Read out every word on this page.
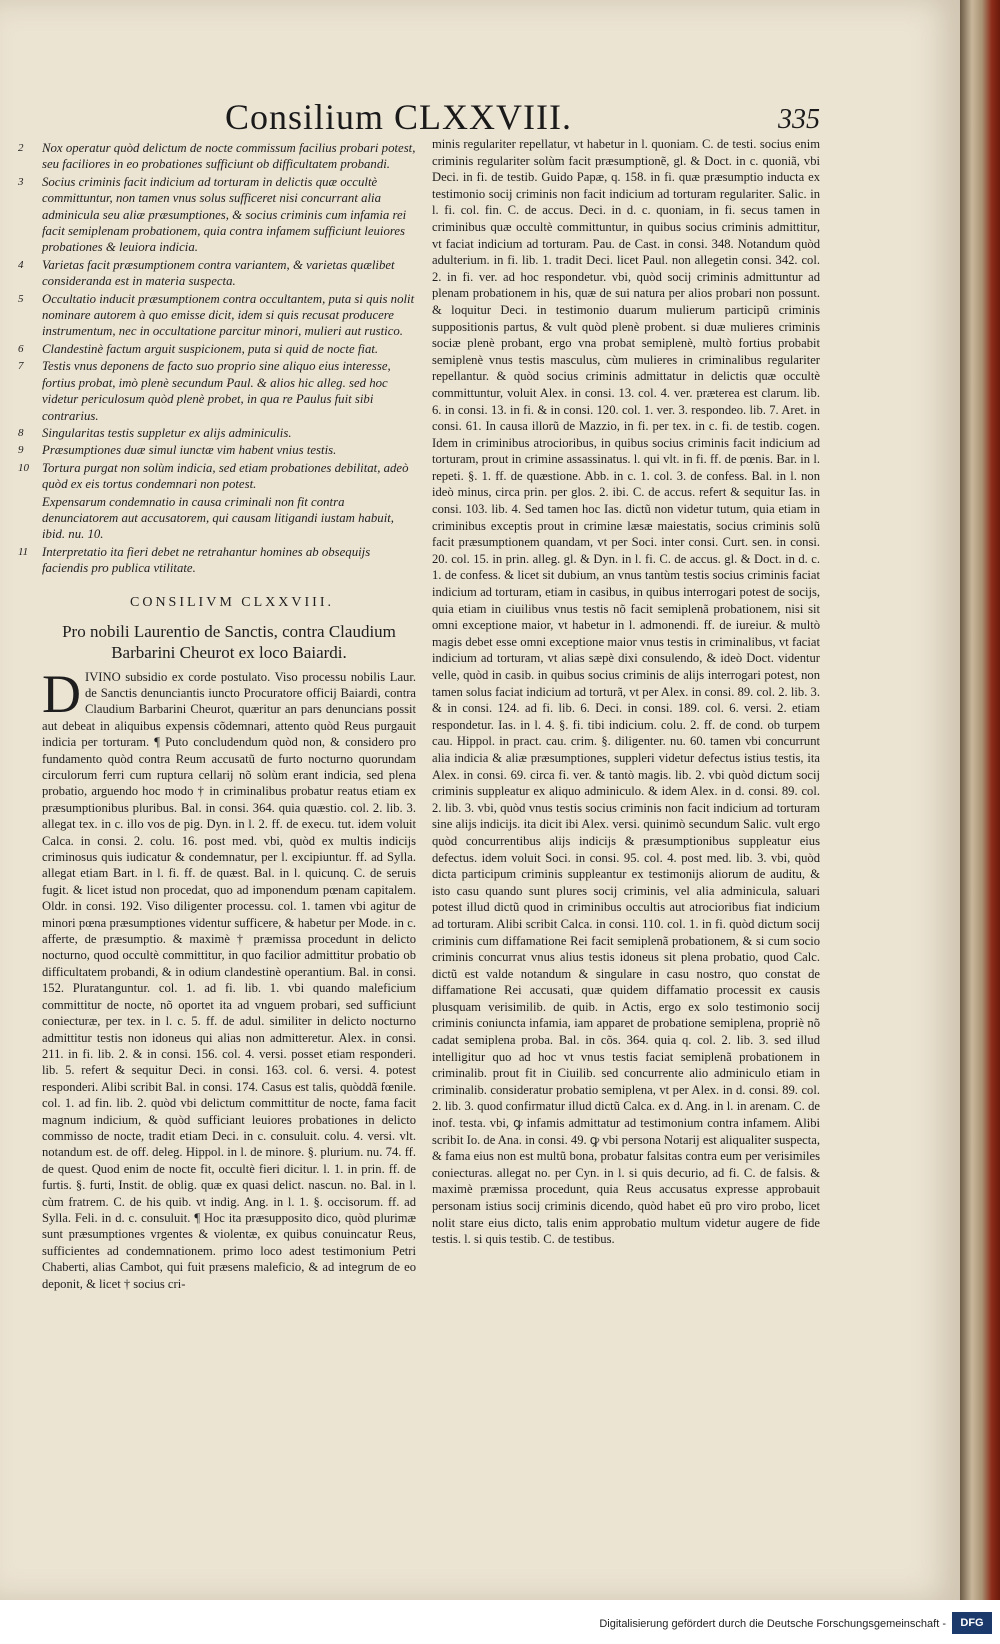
Consilium CLXXVIII.	335
2	Nox operatur quòd delictum de nocte commissum facilius probari potest, seu faciliores in eo probationes sufficiunt ob difficultatem probandi.
3	Socius criminis facit indicium ad torturam in delictis quæ occultè committuntur, non tamen vnus solus sufficeret nisi concurrant alia adminicula seu aliæ præsumptiones, & socius criminis cum infamia rei facit semiplenam probationem, quia contra infamem sufficiunt leuiores probationes & leuiora indicia.
4	Varietas facit præsumptionem contra variantem, & varietas quælibet consideranda est in materia suspecta.
5	Occultatio inducit præsumptionem contra occultantem, puta si quis nolit nominare autorem à quo emisse dicit, idem si quis recusat producere instrumentum, nec in occultatione parcitur minori, mulieri aut rustico.
6	Clandestinè factum arguit suspicionem, puta si quid de nocte fiat.
7	Testis vnus deponens de facto suo proprio sine aliquo eius interesse, fortius probat, imò plenè secundum Paul. & alios hic alleg. sed hoc videtur periculosum quòd plenè probet, in qua re Paulus fuit sibi contrarius.
8	Singularitas testis suppletur ex alijs adminiculis.
9	Præsumptiones duæ simul iunctæ vim habent vnius testis.
10	Tortura purgat non solùm indicia, sed etiam probationes debilitat, adeò quòd ex eis tortus condemnari non potest.
Expensarum condemnatio in causa criminali non fit contra denunciatorem aut accusatorem, qui causam litigandi iustam habuit, ibid. nu. 10.
11	Interpretatio ita fieri debet ne retrahantur homines ab obsequijs faciendis pro publica vtilitate.
CONSILIVM CLXXVIII.
Pro nobili Laurentio de Sanctis, contra Claudium Barbarini Cheurot ex loco Baiardi.
D IVINO subsidio ex corde postulato. Viso processu nobilis Laur. de Sanctis denunciantis iuncto Procuratore officij Baiardi, contra Claudium Barbarini Cheurot, quæritur an pars denuncians possit aut debeat in aliquibus expensis cõdemnari, attento quòd Reus purgauit indicia per torturam. ¶ Puto concludendum quòd non, & considero pro fundamento quòd contra Reum accusatũ de furto nocturno quorundam circulorum ferri cum ruptura cellarij nõ solùm erant indicia, sed plena probatio, arguendo hoc modo † in criminalibus probatur reatus etiam ex præsumptionibus pluribus. Bal. in consi. 364. quia quæstio. col. 2. lib. 3. allegat tex. in c. illo vos de pig. Dyn. in l. 2. ff. de execu. tut. idem voluit Calca. in consi. 2. colu. 16. post med. vbi, quòd ex multis indicijs criminosus quis iudicatur & condemnatur, per l. excipiuntur. ff. ad Sylla. allegat etiam Bart. in l. fi. ff. de quæst. Bal. in l. quicunq. C. de seruis fugit. & licet istud non procedat, quo ad imponendum pœnam capitalem. Oldr. in consi. 192. Viso diligenter processu. col. 1. tamen vbi agitur de minori pœna præsumptiones videntur sufficere, & habetur per Mode. in c. afferte, de præsumptio. & maximè † præmissa procedunt in delicto nocturno, quod occultè committitur, in quo facilior admittitur probatio ob difficultatem probandi, & in odium clandestinè operantium. Bal. in consi. 152. Pluratanguntur. col. 1. ad fi. lib. 1. vbi quando maleficium committitur de nocte, nõ oportet ita ad vnguem probari, sed sufficiunt coniecturæ, per tex. in l. c. 5. ff. de adul. similiter in delicto nocturno admittitur testis non idoneus qui alias non admitteretur. Alex. in consi. 211. in fi. lib. 2. & in consi. 156. col. 4. versi. posset etiam responderi. lib. 5. refert & sequitur Deci. in consi. 163. col. 6. versi. 4. potest responderi. Alibi scribit Bal. in consi. 174. Casus est talis, quòddã fœnile. col. 1. ad fin. lib. 2. quòd vbi delictum committitur de nocte, fama facit magnum indicium, & quòd sufficiant leuiores probationes in delicto commisso de nocte, tradit etiam Deci. in c. consuluit. colu. 4. versi. vlt. notandum est. de off. deleg. Hippol. in l. de minore. §. plurium. nu. 74. ff. de quest. Quod enim de nocte fit, occultè fieri dicitur. l. 1. in prin. ff. de furtis. §. furti, Instit. de oblig. quæ ex quasi delict. nascun. no. Bal. in l. cùm fratrem. C. de his quib. vt indig. Ang. in l. 1. §. occisorum. ff. ad Sylla. Feli. in d. c. consuluit. ¶ Hoc ita præsupposito dico, quòd plurimæ sunt præsumptiones vrgentes & violentæ, ex quibus conuincatur Reus, sufficientes ad condemnationem. primo loco adest testimonium Petri Chaberti, alias Cambot, qui fuit præsens maleficio, & ad integrum de eo deponit, & licet † socius cri-
minis regulariter repellatur, vt habetur in l. quoniam. C. de testi. socius enim criminis regulariter solùm facit præsumptionẽ, gl. & Doct. in c. quoniã, vbi Deci. in fi. de testib. Guido Papæ, q. 158. in fi. quæ præsumptio inducta ex testimonio socij criminis non facit indicium ad torturam regulariter. Salic. in l. fi. col. fin. C. de accus. Deci. in d. c. quoniam, in fi. secus tamen in criminibus quæ occultè committuntur, in quibus socius criminis admittitur, vt faciat indicium ad torturam. Pau. de Cast. in consi. 348. Notandum quòd adulterium. in fi. lib. 1. tradit Deci. licet Paul. non allegetin consi. 342. col. 2. in fi. ver. ad hoc respondetur. vbi, quòd socij criminis admittuntur ad plenam probationem in his, quæ de sui natura per alios probari non possunt. & loquitur Deci. in testimonio duarum mulierum participũ criminis suppositionis partus, & vult quòd plenè probent. si duæ mulieres criminis sociæ plenè probant, ergo vna probat semiplenè, multò fortius probabit semiplenè vnus testis masculus, cùm mulieres in criminalibus regulariter repellantur. & quòd socius criminis admittatur in delictis quæ occultè committuntur, voluit Alex. in consi. 13. col. 4. ver. præterea est clarum. lib. 6. in consi. 13. in fi. & in consi. 120. col. 1. ver. 3. respondeo. lib. 7. Aret. in consi. 61. In causa illorũ de Mazzio, in fi. per tex. in c. fi. de testib. cogen. Idem in criminibus atrocioribus, in quibus socius criminis facit indicium ad torturam, prout in crimine assassinatus. l. qui vlt. in fi. ff. de pœnis. Bar. in l. repeti. §. 1. ff. de quæstione. Abb. in c. 1. col. 3. de confess. Bal. in l. non ideò minus, circa prin. per glos. 2. ibi. C. de accus. refert & sequitur Ias. in consi. 103. lib. 4. Sed tamen hoc Ias. dictũ non videtur tutum, quia etiam in criminibus exceptis prout in crimine læsæ maiestatis, socius criminis solũ facit præsumptionem quandam, vt per Soci. inter consi. Curt. sen. in consi. 20. col. 15. in prin. alleg. gl. & Dyn. in l. fi. C. de accus. gl. & Doct. in d. c. 1. de confess. & licet sit dubium, an vnus tantùm testis socius criminis faciat indicium ad torturam, etiam in casibus, in quibus interrogari potest de socijs, quia etiam in ciuilibus vnus testis nõ facit semiplenã probationem, nisi sit omni exceptione maior, vt habetur in l. admonendi. ff. de iureiur. & multò magis debet esse omni exceptione maior vnus testis in criminalibus, vt faciat indicium ad torturam, vt alias sæpè dixi consulendo, & ideò Doct. videntur velle, quòd in casib. in quibus socius criminis de alijs interrogari potest, non tamen solus faciat indicium ad torturã, vt per Alex. in consi. 89. col. 2. lib. 3. & in consi. 124. ad fi. lib. 6. Deci. in consi. 189. col. 6. versi. 2. etiam respondetur. Ias. in l. 4. §. fi. tibi indicium. colu. 2. ff. de cond. ob turpem cau. Hippol. in pract. cau. crim. §. diligenter. nu. 60. tamen vbi concurrunt alia indicia & aliæ præsumptiones, suppleri videtur defectus istius testis, ita Alex. in consi. 69. circa fi. ver. & tantò magis. lib. 2. vbi quòd dictum socij criminis suppleatur ex aliquo adminiculo. & idem Alex. in d. consi. 89. col. 2. lib. 3. vbi, quòd vnus testis socius criminis non facit indicium ad torturam sine alijs indicijs. ita dicit ibi Alex. versi. quinimò secundum Salic. vult ergo quòd concurrentibus alijs indicijs & præsumptionibus suppleatur eius defectus. idem voluit Soci. in consi. 95. col. 4. post med. lib. 3. vbi, quòd dicta participum criminis suppleantur ex testimonijs aliorum de auditu, & isto casu quando sunt plures socij criminis, vel alia adminicula, saluari potest illud dictũ quod in criminibus occultis aut atrocioribus fiat indicium ad torturam. Alibi scribit Calca. in consi. 110. col. 1. in fi. quòd dictum socij criminis cum diffamatione Rei facit semiplenã probationem, & si cum socio criminis concurrat vnus alius testis idoneus sit plena probatio, quod Calc. dictũ est valde notandum & singulare in casu nostro, quo constat de diffamatione Rei accusati, quæ quidem diffamatio processit ex causis plusquam verisimilib. de quib. in Actis, ergo ex solo testimonio socij criminis coniuncta infamia, iam apparet de probatione semiplena, propriè nõ cadat semiplena proba. Bal. in cõs. 364. quia q. col. 2. lib. 3. sed illud intelligitur quo ad hoc vt vnus testis faciat semiplenã probationem in criminalib. prout fit in Ciuilib. sed concurrente alio adminiculo etiam in criminalib. consideratur probatio semiplena, vt per Alex. in d. consi. 89. col. 2. lib. 3. quod confirmatur illud dictũ Calca. ex d. Ang. in l. in arenam. C. de inof. testa. vbi, ꝙ infamis admittatur ad testimonium contra infamem. Alibi scribit Io. de Ana. in consi. 49. ꝙ vbi persona Notarij est aliqualiter suspecta, & fama eius non est multũ bona, probatur falsitas contra eum per verisimiles coniecturas. allegat no. per Cyn. in l. si quis decurio, ad fi. C. de falsis. & maximè præmissa procedunt, quia Reus accusatus expresse approbauit personam istius socij criminis dicendo, quòd habet eũ pro viro probo, licet nolit stare eius dicto, talis enim approbatio multum videtur augere de fide testis. l. si quis testib. C. de testibus.
Digitalisierung gefördert durch die Deutsche Forschungsgemeinschaft -	DFG
